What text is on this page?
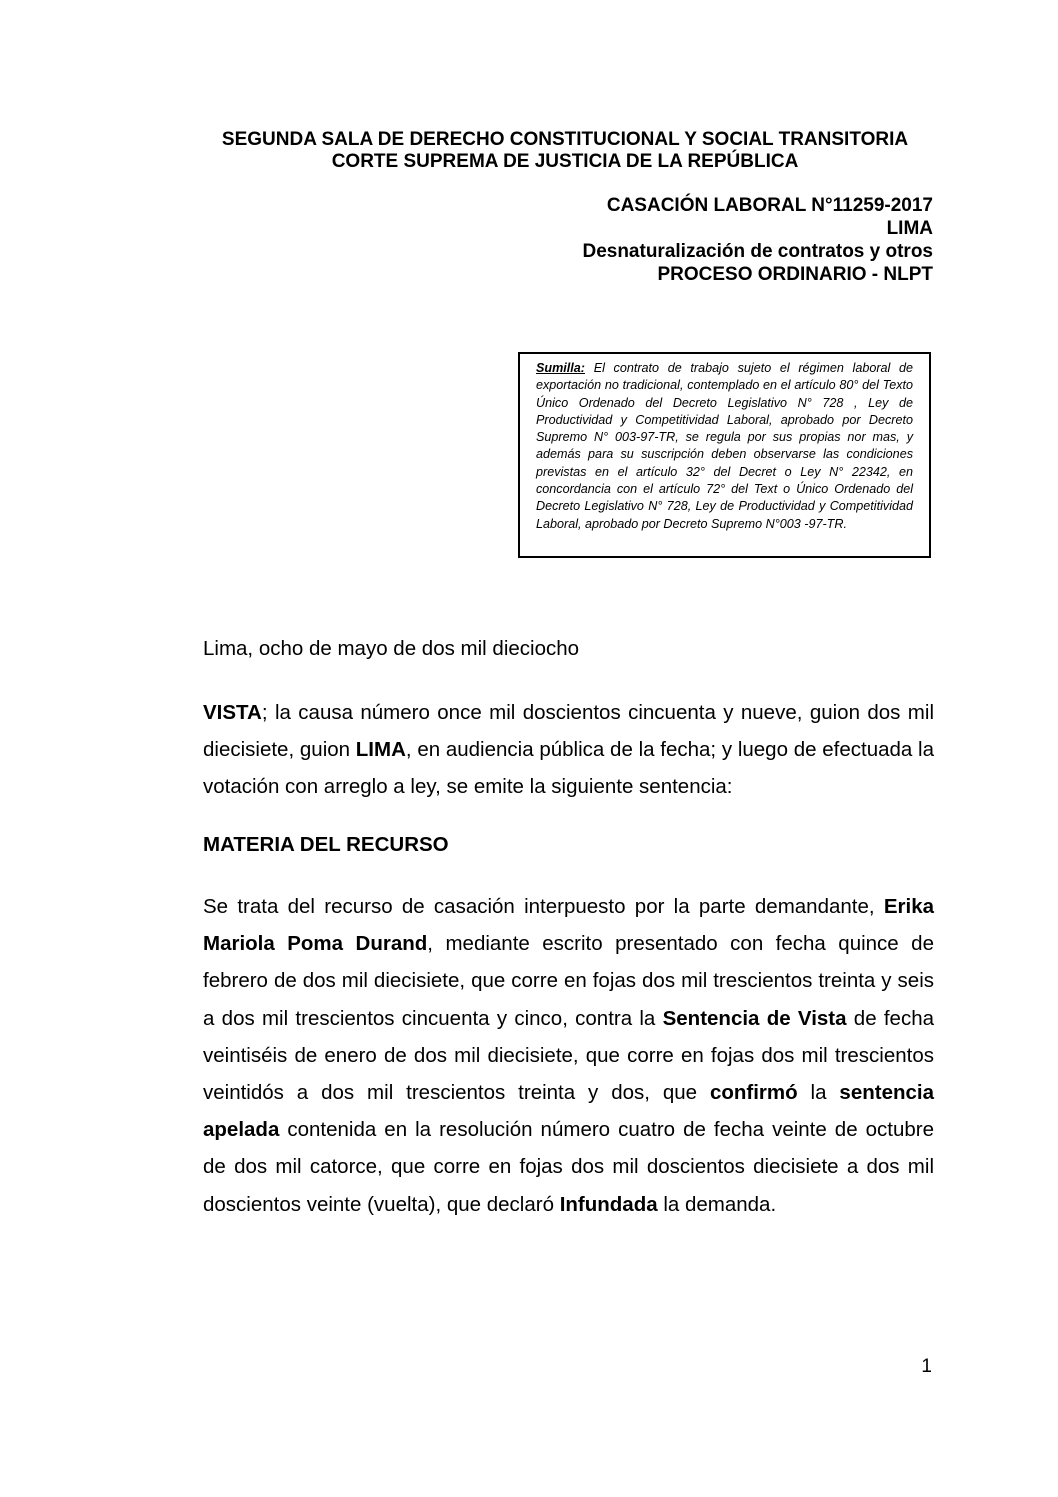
SEGUNDA SALA DE DERECHO CONSTITUCIONAL Y SOCIAL TRANSITORIA
CORTE SUPREMA DE JUSTICIA DE LA REPÚBLICA
CASACIÓN LABORAL N°11259-2017
LIMA
Desnaturalización de contratos y otros
PROCESO ORDINARIO - NLPT
Sumilla: El contrato de trabajo sujeto el régimen laboral de exportación no tradicional, contemplado en el artículo 80° del Texto Único Ordenado del Decreto Legislativo N° 728 , Ley de Productividad y Competitividad Laboral, aprobado por Decreto Supremo N° 003-97-TR, se regula por sus propias nor mas, y además para su suscripción deben observarse las condiciones previstas en el artículo 32° del Decret o Ley N° 22342, en concordancia con el artículo 72° del Text o Único Ordenado del Decreto Legislativo N° 728, Ley de Productividad y Competitividad Laboral, aprobado por Decreto Supremo N°003 -97-TR.
Lima, ocho de mayo de dos mil dieciocho
VISTA; la causa número once mil doscientos cincuenta y nueve, guion dos mil diecisiete, guion LIMA, en audiencia pública de la fecha; y luego de efectuada la votación con arreglo a ley, se emite la siguiente sentencia:
MATERIA DEL RECURSO
Se trata del recurso de casación interpuesto por la parte demandante, Erika Mariola Poma Durand, mediante escrito presentado con fecha quince de febrero de dos mil diecisiete, que corre en fojas dos mil trescientos treinta y seis a dos mil trescientos cincuenta y cinco, contra la Sentencia de Vista de fecha veintiséis de enero de dos mil diecisiete, que corre en fojas dos mil trescientos veintidós a dos mil trescientos treinta y dos, que confirmó la sentencia apelada contenida en la resolución número cuatro de fecha veinte de octubre de dos mil catorce, que corre en fojas dos mil doscientos diecisiete a dos mil doscientos veinte (vuelta), que declaró Infundada la demanda.
1
